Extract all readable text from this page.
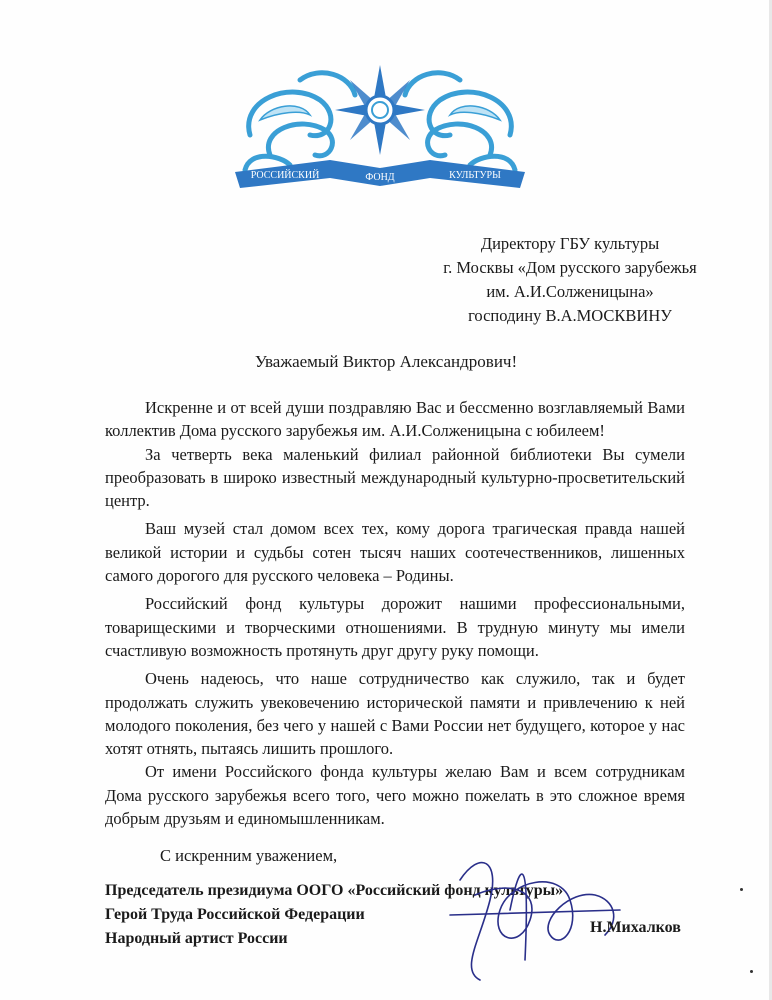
РОССИЙСКИЙ	ФОНД	КУЛЬТУРЫ
Директору ГБУ культуры
г. Москвы «Дом русского зарубежья
им. А.И.Солженицына»
господину В.А.МОСКВИНУ
Уважаемый Виктор Александрович!

Искренне и от всей души поздравляю Вас и бессменно возглавляемый Вами коллектив Дома русского зарубежья им. А.И.Солженицына с юбилеем!

За четверть века маленький филиал районной библиотеки Вы сумели преобразовать в широко известный международный культурно-просветительский центр.

Ваш музей стал домом всех тех, кому дорога трагическая правда нашей великой истории и судьбы сотен тысяч наших соотечественников, лишенных самого дорогого для русского человека – Родины.

Российский фонд культуры дорожит нашими профессиональными, товарищескими и творческими отношениями. В трудную минуту мы имели счастливую возможность протянуть друг другу руку помощи.

Очень надеюсь, что наше сотрудничество как служило, так и будет продолжать служить увековечению исторической памяти и привлечению к ней молодого поколения, без чего у нашей с Вами России нет будущего, которое у нас хотят отнять, пытаясь лишить прошлого.

От имени Российского фонда культуры желаю Вам и всем сотрудникам Дома русского зарубежья всего того, чего можно пожелать в это сложное время добрым друзьям и единомышленникам.

С искренним уважением,
Председатель президиума ООГО «Российский фонд культуры»
Герой Труда Российской Федерации
Народный артист России
Н.Михалков
